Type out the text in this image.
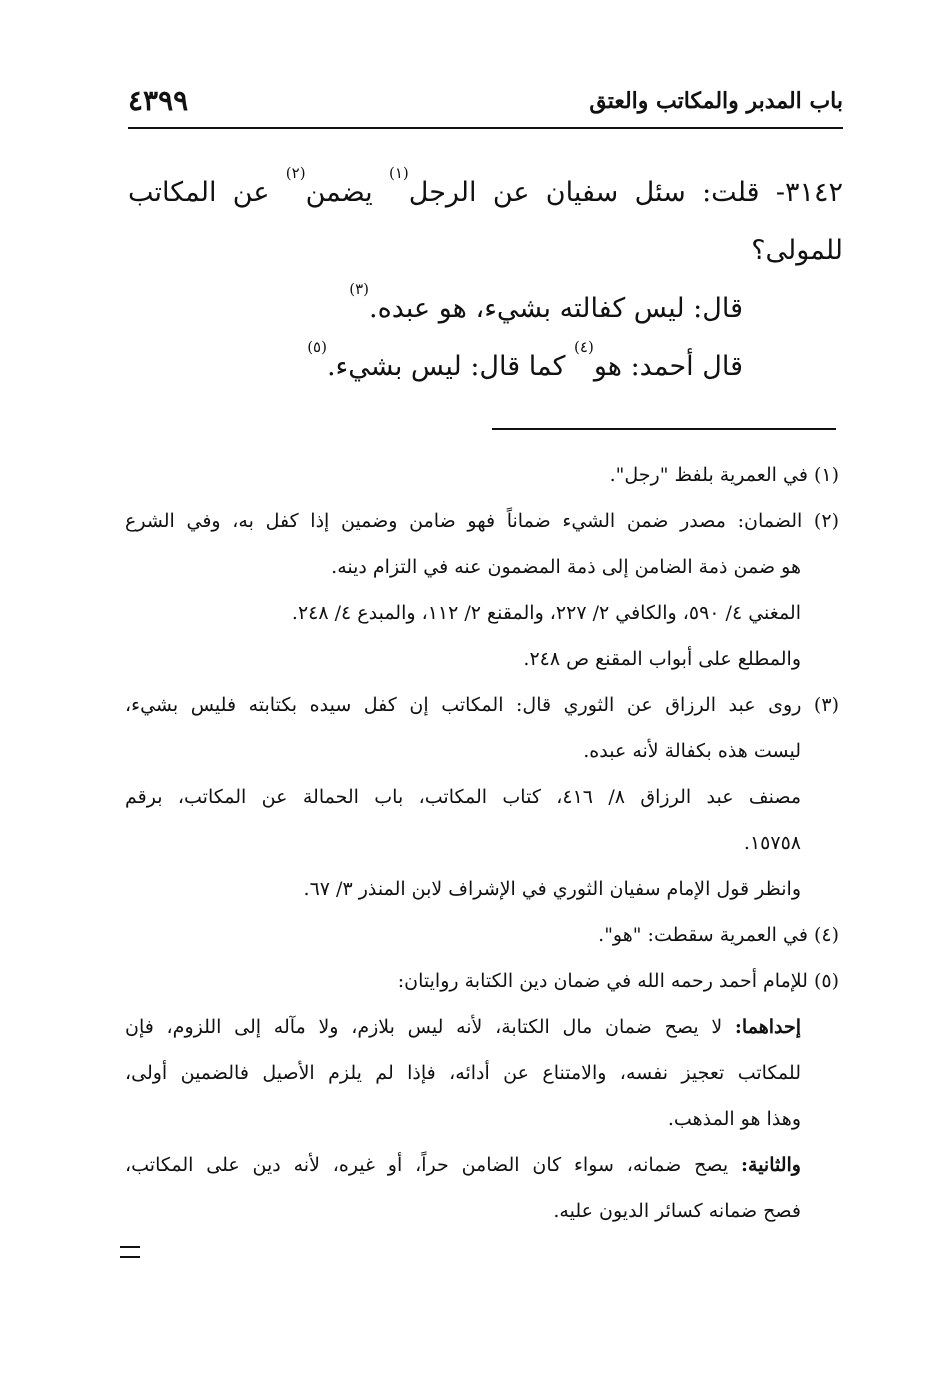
باب المدبر والمكاتب والعتق
٤٣٩٩

٣١٤٢- قلت: سئل سفيان عن الرجل$^{(١)}$ يضمن$^{(٢)}$ عن المكاتب

للمولى؟

قال: ليس كفالته بشيء، هو عبده.$^{(٣)}$

قال أحمد: هو$^{(٤)}$ كما قال: ليس بشيء.$^{(٥)}$

(١) في العمرية بلفظ "رجل".

(٢) الضمان: مصدر ضمن الشيء ضماناً فهو ضامن وضمين إذا كفل به، وفي الشرع

هو ضمن ذمة الضامن إلى ذمة المضمون عنه في التزام دينه.

المغني ٤/ ٥٩٠، والكافي ٢/ ٢٢٧، والمقنع ٢/ ١١٢، والمبدع ٤/ ٢٤٨.

والمطلع على أبواب المقنع ص ٢٤٨.

(٣) روى عبد الرزاق عن الثوري قال: المكاتب إن كفل سيده بكتابته فليس بشيء،

ليست هذه بكفالة لأنه عبده.

مصنف عبد الرزاق ٨/ ٤١٦، كتاب المكاتب، باب الحمالة عن المكاتب، برقم

١٥٧٥٨.

وانظر قول الإمام سفيان الثوري في الإشراف لابن المنذر ٣/ ٦٧.

(٤) في العمرية سقطت: "هو".

(٥) للإمام أحمد رحمه الله في ضمان دين الكتابة روايتان:

إحداهما: لا يصح ضمان مال الكتابة، لأنه ليس بلازم، ولا مآله إلى اللزوم، فإن

للمكاتب تعجيز نفسه، والامتناع عن أدائه، فإذا لم يلزم الأصيل فالضمين أولى،

وهذا هو المذهب.

والثانية: يصح ضمانه، سواء كان الضامن حراً، أو غيره، لأنه دين على المكاتب،

فصح ضمانه كسائر الديون عليه.
